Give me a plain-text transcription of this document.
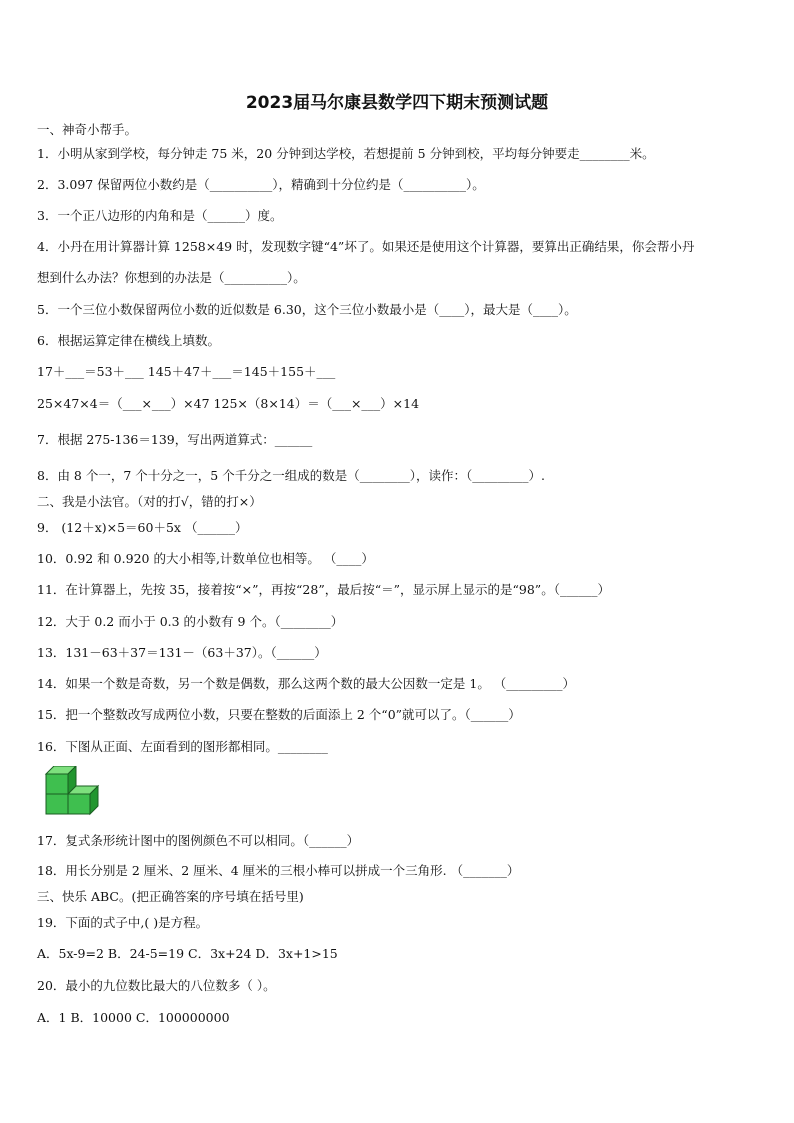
2023届马尔康县数学四下期末预测试题
一、神奇小帮手。
1．小明从家到学校，每分钟走 75 米，20 分钟到达学校，若想提前 5 分钟到校，平均每分钟要走________米。
2．3.097 保留两位小数约是（__________），精确到十分位约是（__________）。
3．一个正八边形的内角和是（______）度。
4．小丹在用计算器计算 1258×49 时，发现数字键“4”坏了。如果还是使用这个计算器，要算出正确结果，你会帮小丹
想到什么办法？你想到的办法是（__________）。
5．一个三位小数保留两位小数的近似数是 6.30，这个三位小数最小是（____），最大是（____）。
6．根据运算定律在横线上填数。
17＋___＝53＋___ 145＋47＋___＝145＋155＋___
25×47×4＝（___×___）×47 125×（8×14）＝（___×___）×14
7．根据 275-136＝139，写出两道算式：______
8．由 8 个一，7 个十分之一，5 个千分之一组成的数是（________），读作：（_________）.
二、我是小法官。（对的打√，错的打×）
9． (12＋x)×5＝60＋5x （______）
10．0.92 和 0.920 的大小相等,计数单位也相等。 （____）
11．在计算器上，先按 35，接着按“×”，再按“28”，最后按“＝”，显示屏上显示的是“98”。（______）
12．大于 0.2 而小于 0.3 的小数有 9 个。（________）
13．131－63＋37＝131－（63＋37）。（______）
14．如果一个数是奇数，另一个数是偶数，那么这两个数的最大公因数一定是 1。 （_________）
15．把一个整数改写成两位小数，只要在整数的后面添上 2 个“0”就可以了。（______）
16．下图从正面、左面看到的图形都相同。________
17．复式条形统计图中的图例颜色不可以相同。（______）
18．用长分别是 2 厘米、2 厘米、4 厘米的三根小棒可以拼成一个三角形. （_______）
三、快乐 ABC。(把正确答案的序号填在括号里)
19．下面的式子中,( )是方程。
A．5x-9=2 B．24-5=19 C．3x+24 D．3x+1>15
20．最小的九位数比最大的八位数多（ ）。
A．1 B．10000 C．100000000
